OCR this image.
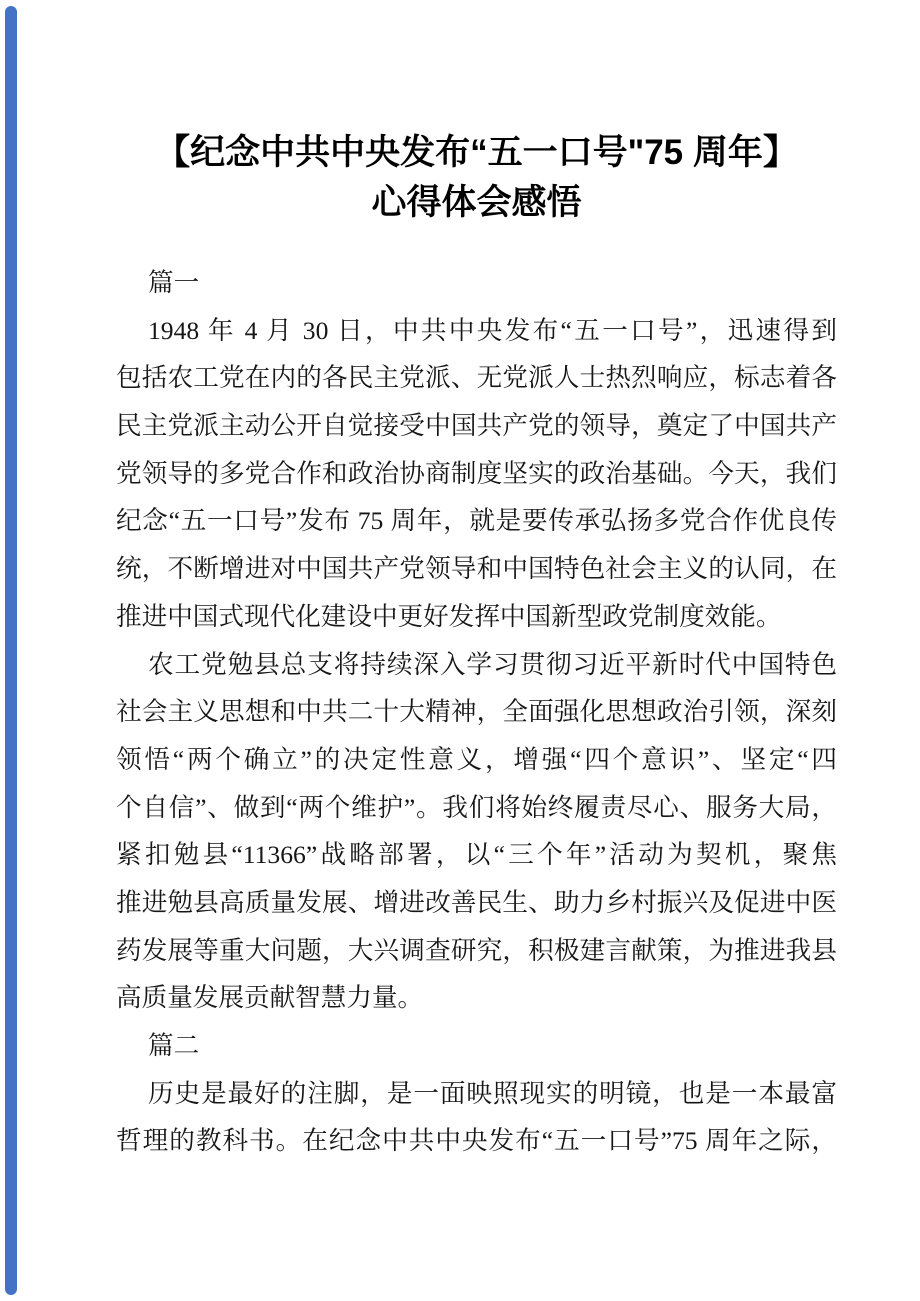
【纪念中共中央发布“五一口号"75 周年】
心得体会感悟
篇一
1948 年 4 月 30 日，中共中央发布“五一口号”，迅速得到
包括农工党在内的各民主党派、无党派人士热烈响应，标志着各
民主党派主动公开自觉接受中国共产党的领导，奠定了中国共产
党领导的多党合作和政治协商制度坚实的政治基础。今天，我们
纪念“五一口号”发布 75 周年，就是要传承弘扬多党合作优良传
统，不断增进对中国共产党领导和中国特色社会主义的认同，在
推进中国式现代化建设中更好发挥中国新型政党制度效能。
农工党勉县总支将持续深入学习贯彻习近平新时代中国特色
社会主义思想和中共二十大精神，全面强化思想政治引领，深刻
领悟“两个确立”的决定性意义，增强“四个意识”、坚定“四
个自信”、做到“两个维护”。我们将始终履责尽心、服务大局，
紧扣勉县“11366”战略部署，以“三个年”活动为契机，聚焦
推进勉县高质量发展、增进改善民生、助力乡村振兴及促进中医
药发展等重大问题，大兴调查研究，积极建言献策，为推进我县
高质量发展贡献智慧力量。
篇二
历史是最好的注脚，是一面映照现实的明镜，也是一本最富
哲理的教科书。在纪念中共中央发布“五一口号”75 周年之际，
